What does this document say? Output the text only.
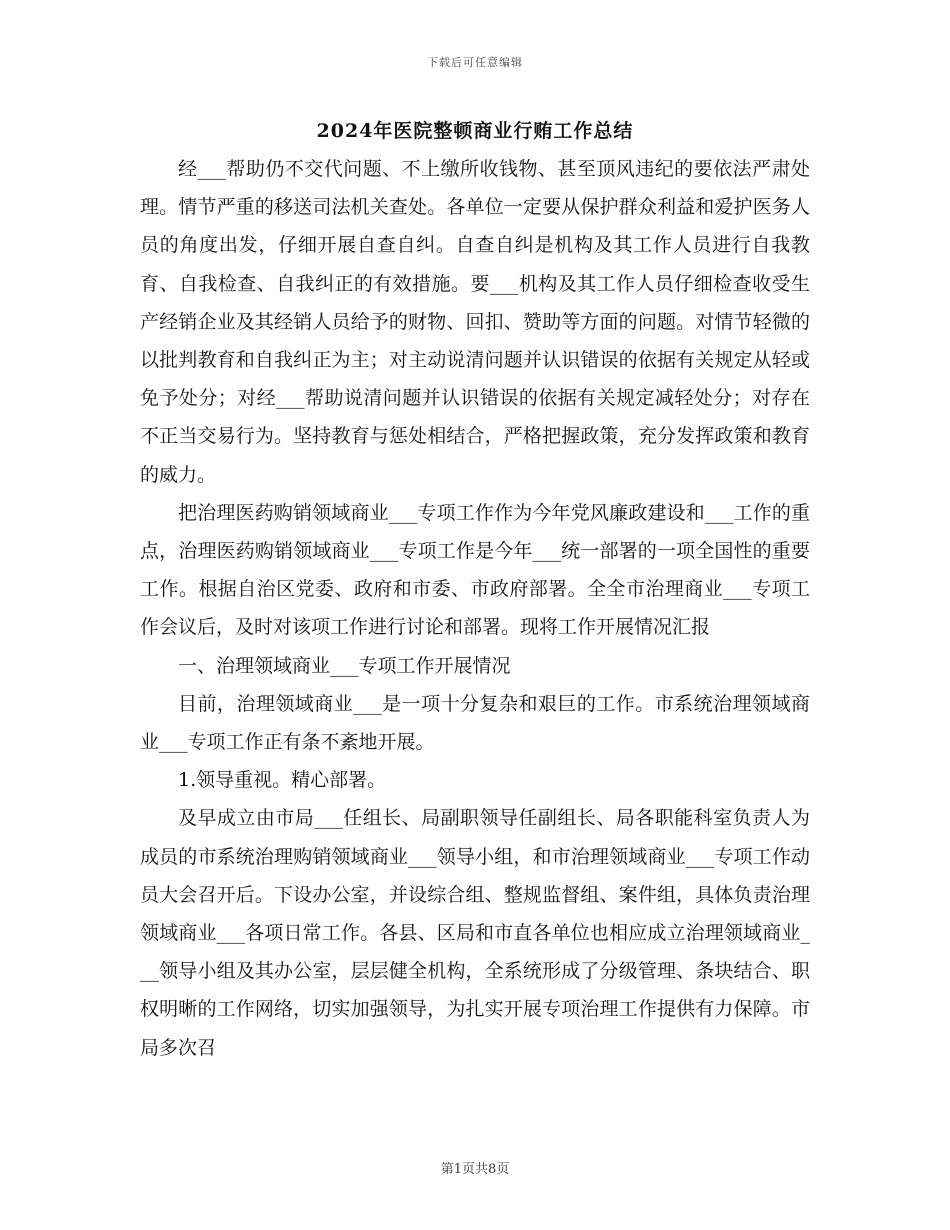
下载后可任意编辑
2024年医院整顿商业行贿工作总结

经___帮助仍不交代问题、不上缴所收钱物、甚至顶风违纪的要依法严肃处理。情节严重的移送司法机关查处。各单位一定要从保护群众利益和爱护医务人员的角度出发，仔细开展自查自纠。自查自纠是机构及其工作人员进行自我教育、自我检查、自我纠正的有效措施。要___机构及其工作人员仔细检查收受生产经销企业及其经销人员给予的财物、回扣、赞助等方面的问题。对情节轻微的以批判教育和自我纠正为主；对主动说清问题并认识错误的依据有关规定从轻或免予处分；对经___帮助说清问题并认识错误的依据有关规定减轻处分；对存在不正当交易行为。坚持教育与惩处相结合，严格把握政策，充分发挥政策和教育的威力。

把治理医药购销领域商业___专项工作作为今年党风廉政建设和___工作的重点，治理医药购销领域商业___专项工作是今年___统一部署的一项全国性的重要工作。根据自治区党委、政府和市委、市政府部署。全全市治理商业___专项工作会议后，及时对该项工作进行讨论和部署。现将工作开展情况汇报

一、治理领域商业___专项工作开展情况

目前，治理领域商业___是一项十分复杂和艰巨的工作。市系统治理领域商业___专项工作正有条不紊地开展。

1.领导重视。精心部署。

及早成立由市局___任组长、局副职领导任副组长、局各职能科室负责人为成员的市系统治理购销领域商业___领导小组，和市治理领域商业___专项工作动员大会召开后。下设办公室，并设综合组、整规监督组、案件组，具体负责治理领域商业___各项日常工作。各县、区局和市直各单位也相应成立治理领域商业___领导小组及其办公室，层层健全机构，全系统形成了分级管理、条块结合、职权明晰的工作网络，切实加强领导，为扎实开展专项治理工作提供有力保障。市局多次召

第1页共8页
